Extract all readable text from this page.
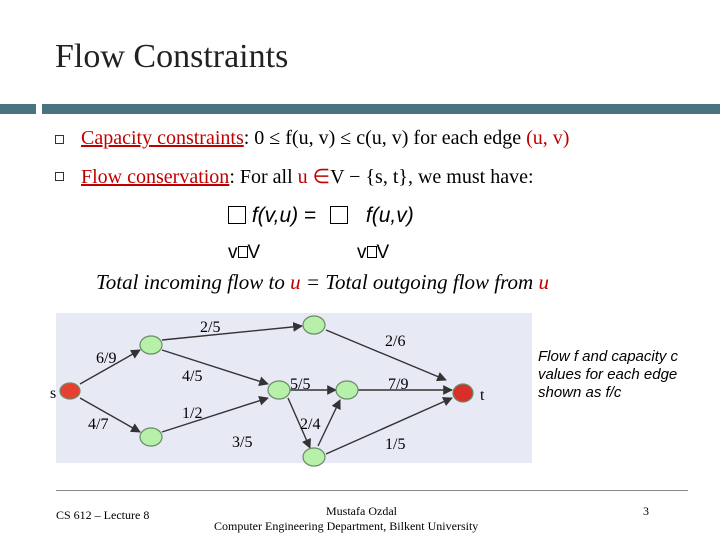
Flow Constraints
Capacity constraints: 0 ≤ f(u, v) ≤ c(u, v) for each edge (u, v)
Flow conservation: For all u ∈V − {s, t}, we must have:
f(v,u) = f(u,v)
v V	v V
Total incoming flow to u = Total outgoing flow from u
s	t
2/5
6/9
4/5
2/6
5/5	7/9
4/7
1/2
2/4
3/5	1/5
Flow f and capacity c values for each edge shown as f/c
CS 612 – Lecture 8	Mustafa Ozdal
Computer Engineering Department, Bilkent University
3
